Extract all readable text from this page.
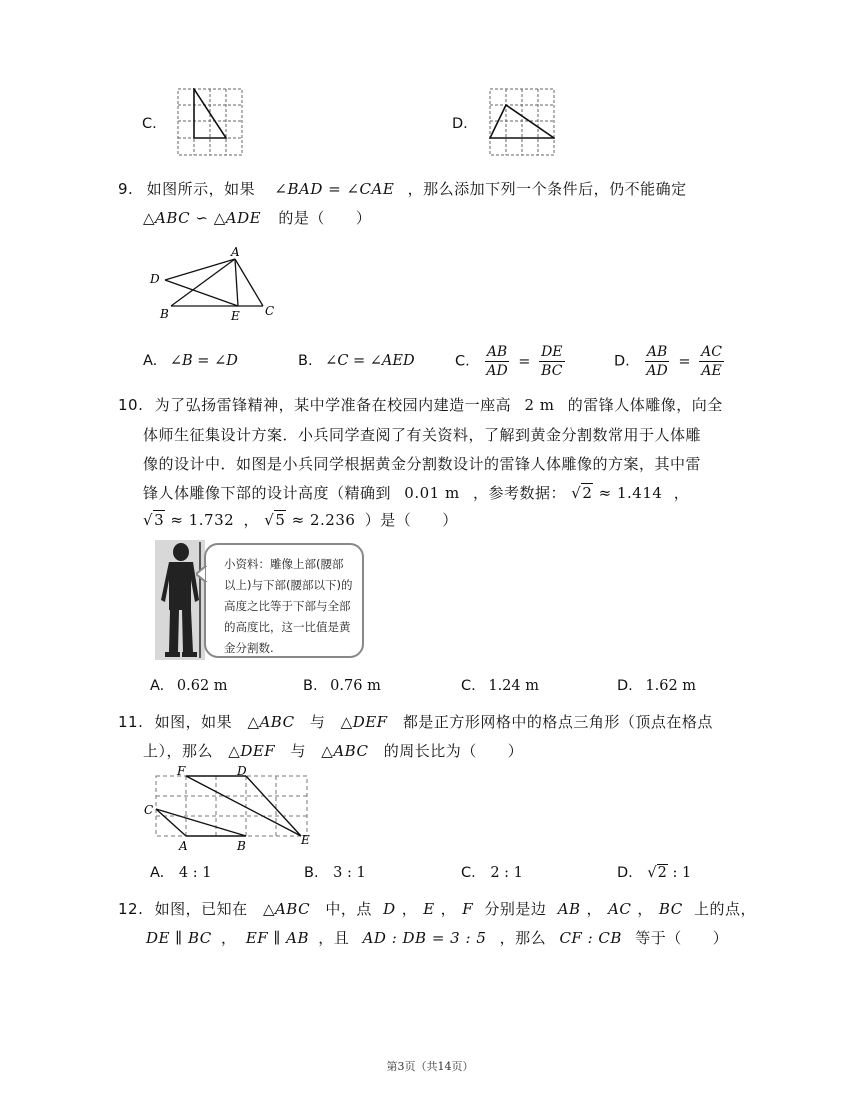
C.	D.
9. 如图所示，如果 ∠BAD = ∠CAE ，那么添加下列一个条件后，仍不能确定
△ABC ∽ △ADE 的是（　　）
A
D
B	E C
A. ∠B = ∠D	B. ∠C = ∠AED	C. $\frac{AB}{AD} = \frac{DE}{BC}$	D. $\frac{AB}{AD} = \frac{AC}{AE}$
10. 为了弘扬雷锋精神，某中学准备在校园内建造一座高 2 m 的雷锋人体雕像，向全
体师生征集设计方案．小兵同学查阅了有关资料，了解到黄金分割数常用于人体雕
像的设计中．如图是小兵同学根据黄金分割数设计的雷锋人体雕像的方案，其中雷
锋人体雕像下部的设计高度（精确到 0.01 m ，参考数据： √2 ≈ 1.414 ，
√3 ≈ 1.732 ， √5 ≈ 2.236 ）是（　　）
小资料：雕像上部(腰部以上)与下部(腰部以下)的高度之比等于下部与全部的高度比，这一比值是黄金分割数.
A. 0.62 m	B. 0.76 m	C. 1.24 m	D. 1.62 m
11. 如图，如果 △ABC 与 △DEF 都是正方形网格中的格点三角形（顶点在格点
上），那么 △DEF 与 △ABC 的周长比为（　　）
F	D
C
A	B	E
A. 4 : 1	B. 3 : 1	C. 2 : 1	D. √2 : 1
12. 如图，已知在 △ABC 中，点 D ， E ， F 分别是边 AB ， AC ， BC 上的点，
DE ∥ BC ， EF ∥ AB ，且 AD : DB = 3 : 5 ，那么 CF : CB 等于（　　）
第3页（共14页）
